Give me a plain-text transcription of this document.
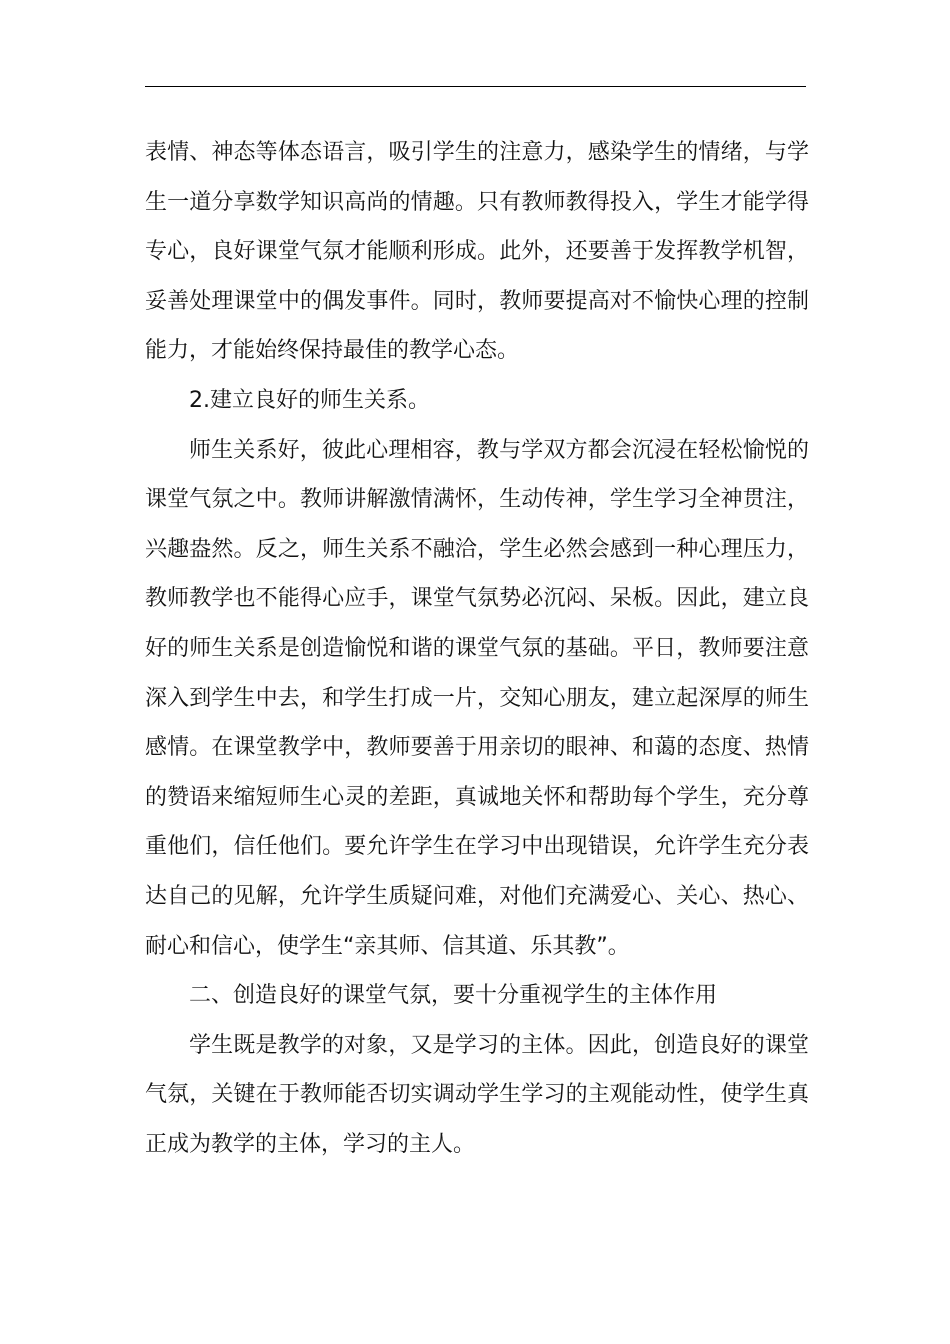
表情、神态等体态语言，吸引学生的注意力，感染学生的情绪，与学生一道分享数学知识高尚的情趣。只有教师教得投入，学生才能学得专心，良好课堂气氛才能顺利形成。此外，还要善于发挥教学机智，妥善处理课堂中的偶发事件。同时，教师要提高对不愉快心理的控制能力，才能始终保持最佳的教学心态。

2.建立良好的师生关系。

师生关系好，彼此心理相容，教与学双方都会沉浸在轻松愉悦的课堂气氛之中。教师讲解激情满怀，生动传神，学生学习全神贯注，兴趣盎然。反之，师生关系不融洽，学生必然会感到一种心理压力，教师教学也不能得心应手，课堂气氛势必沉闷、呆板。因此，建立良好的师生关系是创造愉悦和谐的课堂气氛的基础。平日，教师要注意深入到学生中去，和学生打成一片，交知心朋友，建立起深厚的师生感情。在课堂教学中，教师要善于用亲切的眼神、和蔼的态度、热情的赞语来缩短师生心灵的差距，真诚地关怀和帮助每个学生，充分尊重他们，信任他们。要允许学生在学习中出现错误，允许学生充分表达自己的见解，允许学生质疑问难，对他们充满爱心、关心、热心、耐心和信心，使学生“亲其师、信其道、乐其教”。

二、创造良好的课堂气氛，要十分重视学生的主体作用

学生既是教学的对象，又是学习的主体。因此，创造良好的课堂气氛，关键在于教师能否切实调动学生学习的主观能动性，使学生真正成为教学的主体，学习的主人。
